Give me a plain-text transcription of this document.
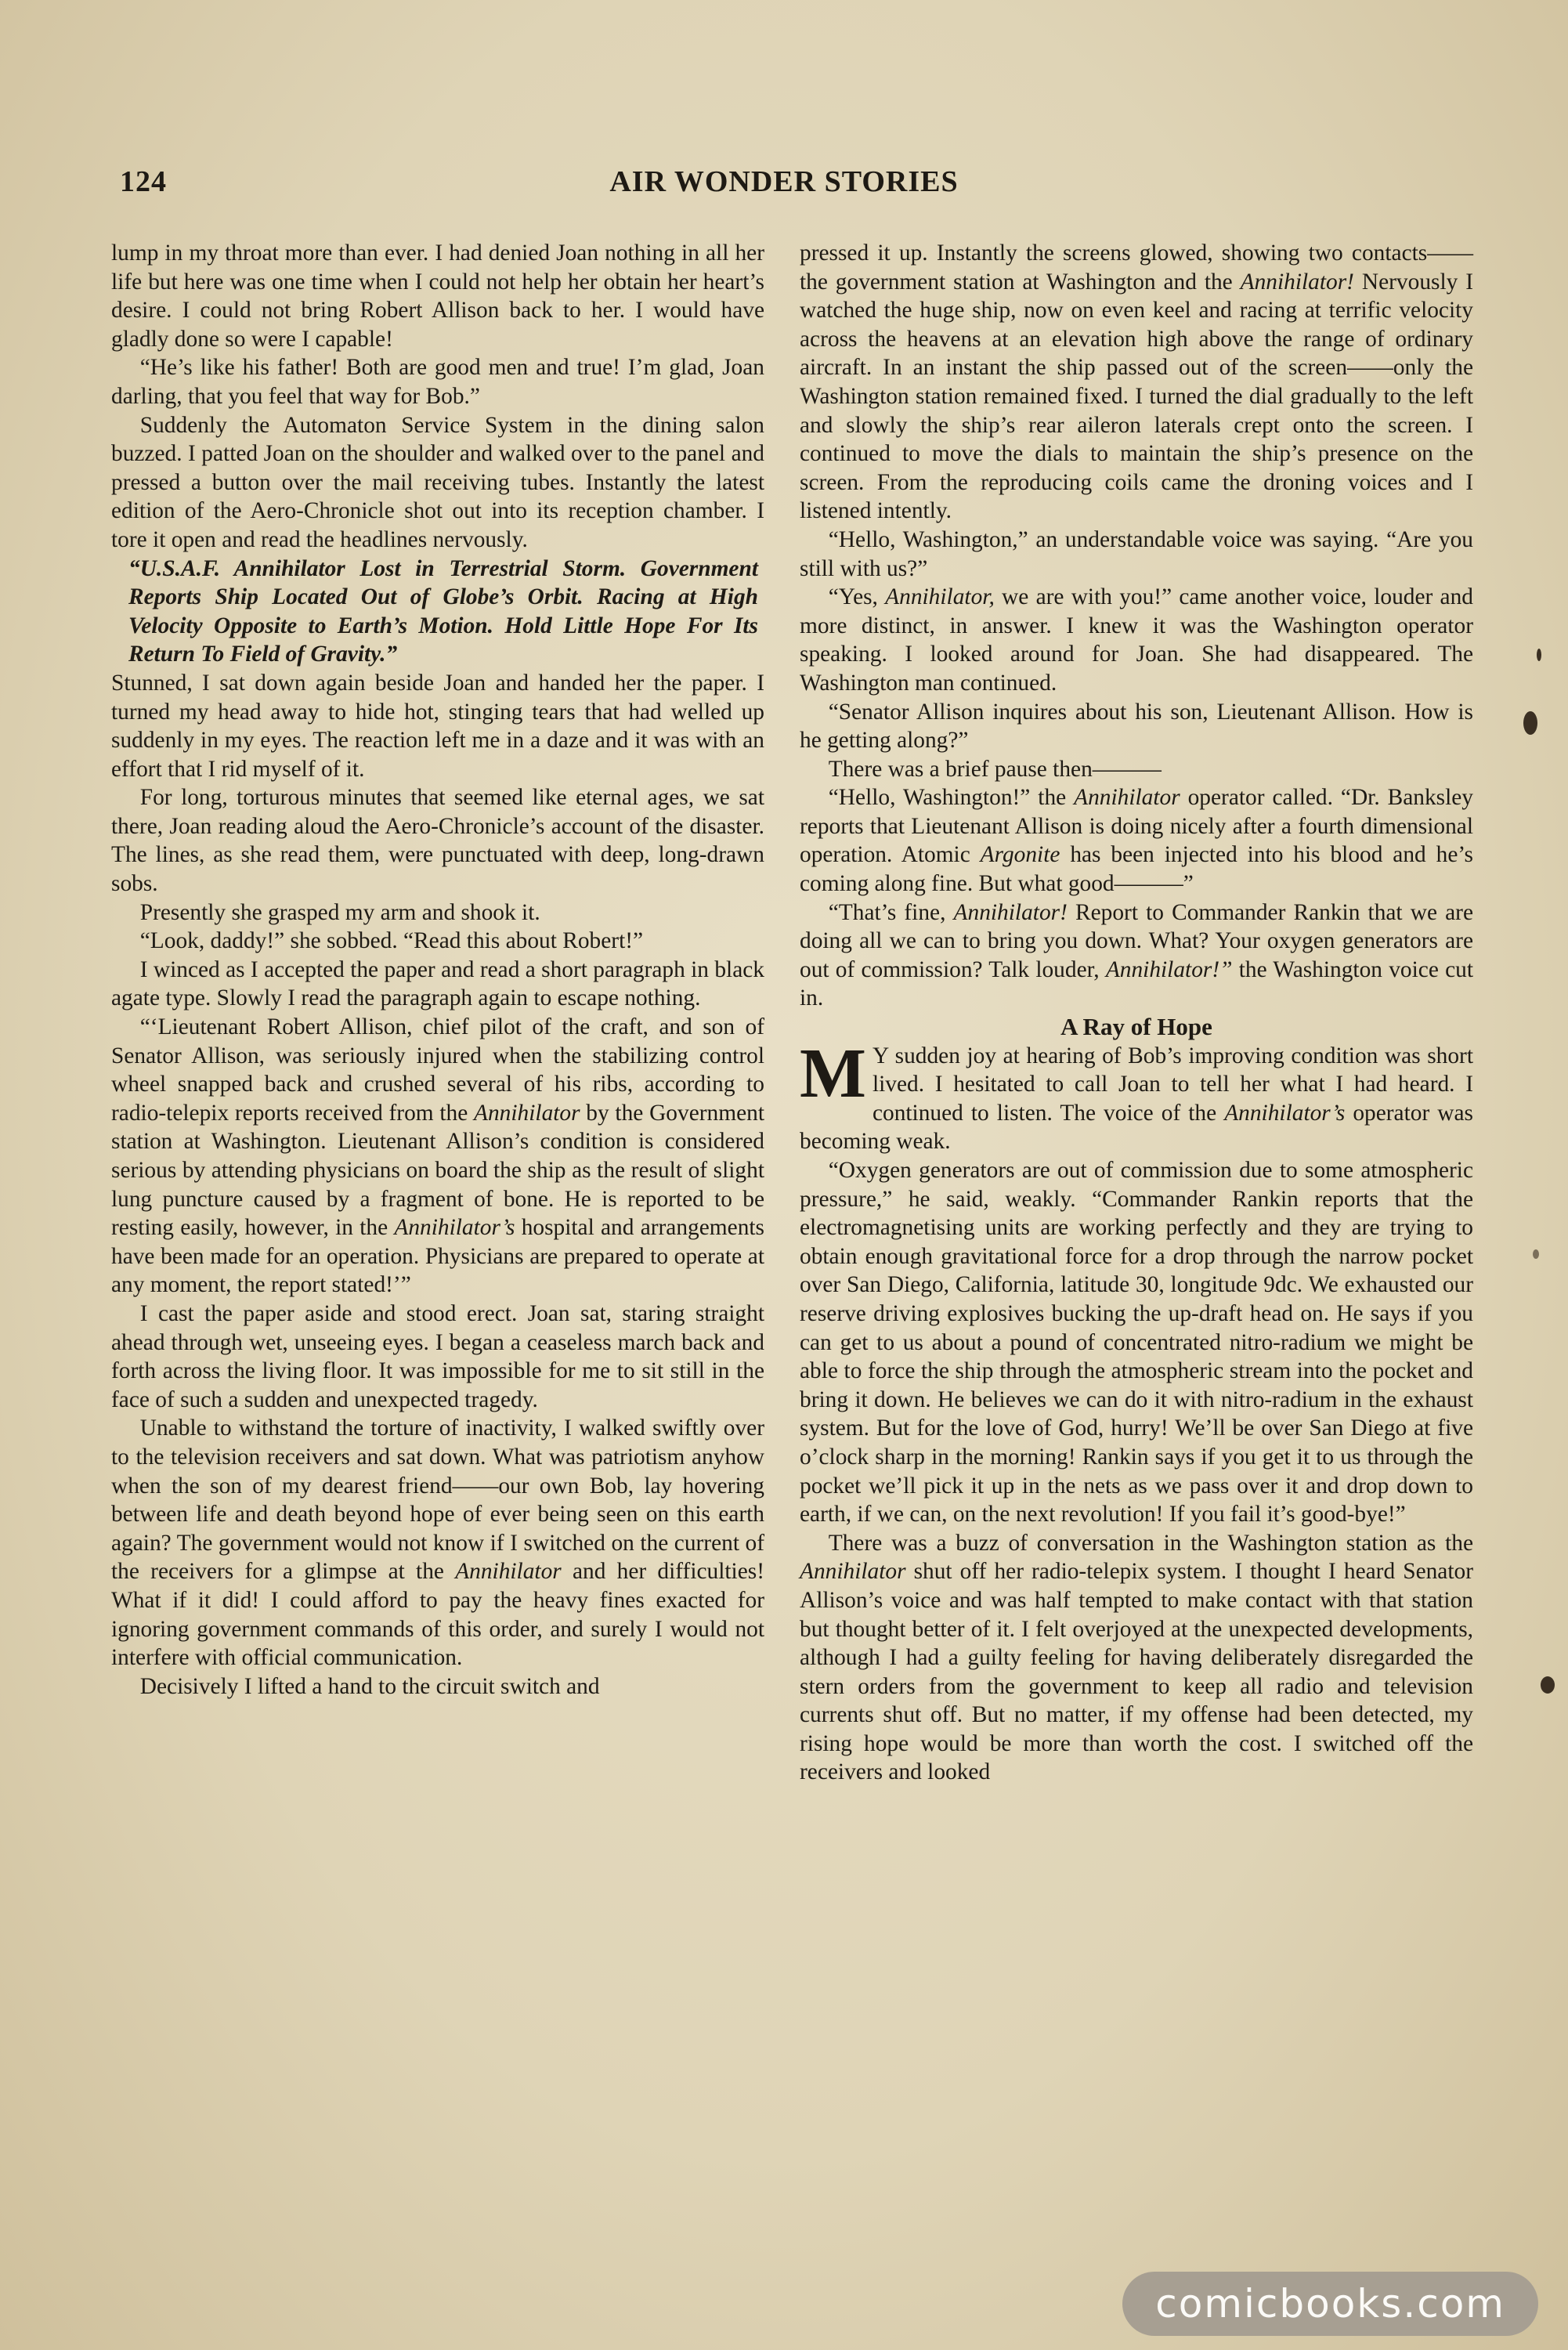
124	AIR WONDER STORIES

lump in my throat more than ever. I had denied Joan nothing in all her life but here was one time when I could not help her obtain her heart’s desire. I could not bring Robert Allison back to her. I would have gladly done so were I capable!

“He’s like his father! Both are good men and true! I’m glad, Joan darling, that you feel that way for Bob.”

Suddenly the Automaton Service System in the dining salon buzzed. I patted Joan on the shoulder and walked over to the panel and pressed a button over the mail receiving tubes. Instantly the latest edition of the Aero-Chronicle shot out into its reception chamber. I tore it open and read the headlines nervously.

“U.S.A.F. Annihilator Lost in Terrestrial Storm. Government Reports Ship Located Out of Globe’s Orbit. Racing at High Velocity Opposite to Earth’s Motion. Hold Little Hope For Its Return To Field of Gravity.”

Stunned, I sat down again beside Joan and handed her the paper. I turned my head away to hide hot, stinging tears that had welled up suddenly in my eyes. The reaction left me in a daze and it was with an effort that I rid myself of it.

For long, torturous minutes that seemed like eternal ages, we sat there, Joan reading aloud the Aero-Chronicle’s account of the disaster. The lines, as she read them, were punctuated with deep, long-drawn sobs.

Presently she grasped my arm and shook it.

“Look, daddy!” she sobbed. “Read this about Robert!”

I winced as I accepted the paper and read a short paragraph in black agate type. Slowly I read the paragraph again to escape nothing.

“‘Lieutenant Robert Allison, chief pilot of the craft, and son of Senator Allison, was seriously injured when the stabilizing control wheel snapped back and crushed several of his ribs, according to radio-telepix reports received from the Annihilator by the Government station at Washington. Lieutenant Allison’s condition is considered serious by attending physicians on board the ship as the result of slight lung puncture caused by a fragment of bone. He is reported to be resting easily, however, in the Annihilator’s hospital and arrangements have been made for an operation. Physicians are prepared to operate at any moment, the report stated!’”

I cast the paper aside and stood erect. Joan sat, staring straight ahead through wet, unseeing eyes. I began a ceaseless march back and forth across the living floor. It was impossible for me to sit still in the face of such a sudden and unexpected tragedy.

Unable to withstand the torture of inactivity, I walked swiftly over to the television receivers and sat down. What was patriotism anyhow when the son of my dearest friend——our own Bob, lay hovering between life and death beyond hope of ever being seen on this earth again? The government would not know if I switched on the current of the receivers for a glimpse at the Annihilator and her difficulties! What if it did! I could afford to pay the heavy fines exacted for ignoring government commands of this order, and surely I would not interfere with official communication.

Decisively I lifted a hand to the circuit switch and

pressed it up. Instantly the screens glowed, showing two contacts——the government station at Washington and the Annihilator! Nervously I watched the huge ship, now on even keel and racing at terrific velocity across the heavens at an elevation high above the range of ordinary aircraft. In an instant the ship passed out of the screen——only the Washington station remained fixed. I turned the dial gradually to the left and slowly the ship’s rear aileron laterals crept onto the screen. I continued to move the dials to maintain the ship’s presence on the screen. From the reproducing coils came the droning voices and I listened intently.

“Hello, Washington,” an understandable voice was saying. “Are you still with us?”

“Yes, Annihilator, we are with you!” came another voice, louder and more distinct, in answer. I knew it was the Washington operator speaking. I looked around for Joan. She had disappeared. The Washington man continued.

“Senator Allison inquires about his son, Lieutenant Allison. How is he getting along?”

There was a brief pause then———

“Hello, Washington!” the Annihilator operator called. “Dr. Banksley reports that Lieutenant Allison is doing nicely after a fourth dimensional operation. Atomic Argonite has been injected into his blood and he’s coming along fine. But what good———”

“That’s fine, Annihilator! Report to Commander Rankin that we are doing all we can to bring you down. What? Your oxygen generators are out of commission? Talk louder, Annihilator!” the Washington voice cut in.

A Ray of Hope

M Y sudden joy at hearing of Bob’s improving condition was short lived. I hesitated to call Joan to tell her what I had heard. I continued to listen. The voice of the Annihilator’s operator was becoming weak.

“Oxygen generators are out of commission due to some atmospheric pressure,” he said, weakly. “Commander Rankin reports that the electromagnetising units are working perfectly and they are trying to obtain enough gravitational force for a drop through the narrow pocket over San Diego, California, latitude 30, longitude 9dc. We exhausted our reserve driving explosives bucking the up-draft head on. He says if you can get to us about a pound of concentrated nitro-radium we might be able to force the ship through the atmospheric stream into the pocket and bring it down. He believes we can do it with nitro-radium in the exhaust system. But for the love of God, hurry! We’ll be over San Diego at five o’clock sharp in the morning! Rankin says if you get it to us through the pocket we’ll pick it up in the nets as we pass over it and drop down to earth, if we can, on the next revolution! If you fail it’s good-bye!”

There was a buzz of conversation in the Washington station as the Annihilator shut off her radio-telepix system. I thought I heard Senator Allison’s voice and was half tempted to make contact with that station but thought better of it. I felt overjoyed at the unexpected developments, although I had a guilty feeling for having deliberately disregarded the stern orders from the government to keep all radio and television currents shut off. But no matter, if my offense had been detected, my rising hope would be more than worth the cost. I switched off the receivers and looked

comicbooks.com
